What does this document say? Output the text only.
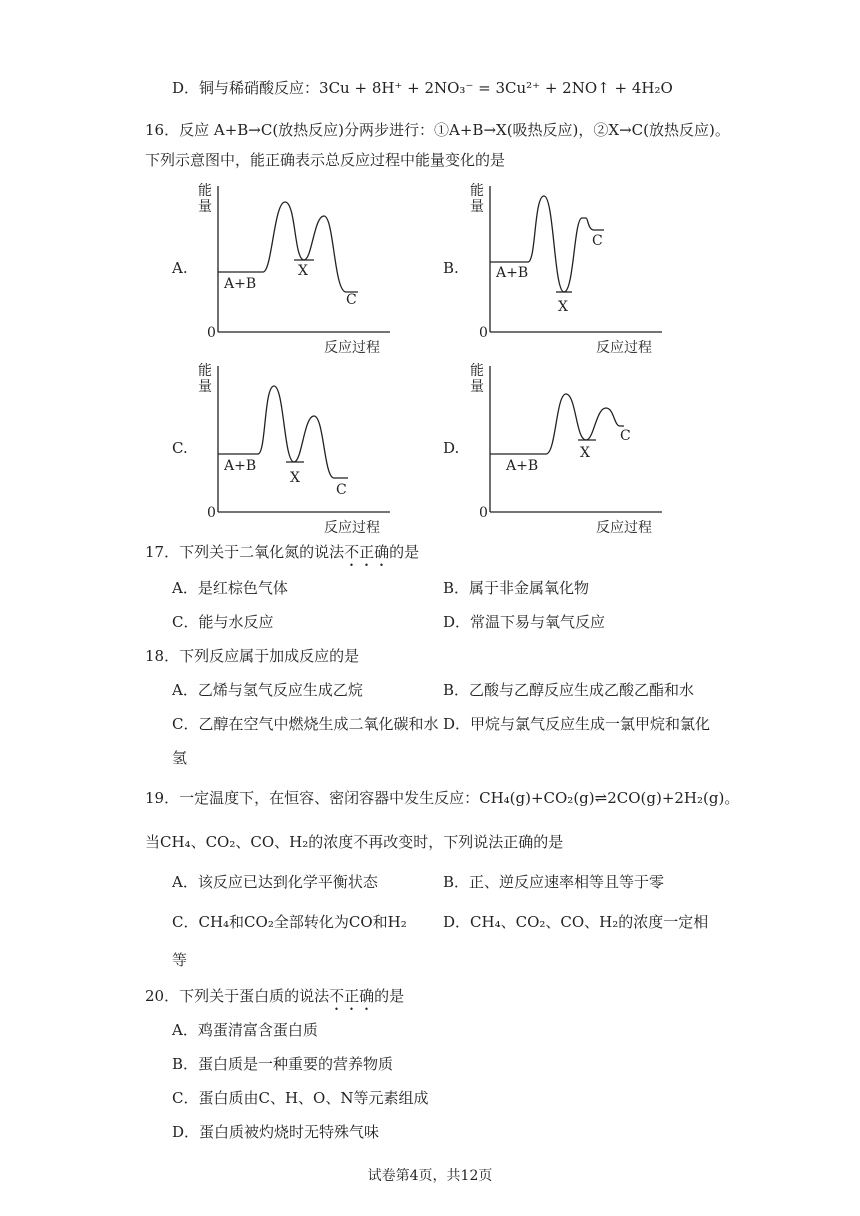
D．铜与稀硝酸反应：3Cu + 8H⁺ + 2NO₃⁻ = 3Cu²⁺ + 2NO↑ + 4H₂O
16．反应 A+B→C(放热反应)分两步进行：①A+B→X(吸热反应)，②X→C(放热反应)。
下列示意图中，能正确表示总反应过程中能量变化的是
A.
能
量
0
反应过程
A+B
X
C
B.
能
量
0
反应过程
A+B
X
C
C.
能
量
0
反应过程
A+B
X
C
D.
能
量
0
反应过程
A+B
X
C
17．下列关于二氧化氮的说法不正确的是
A．是红棕色气体	B．属于非金属氧化物
C．能与水反应	D．常温下易与氧气反应
18．下列反应属于加成反应的是
A．乙烯与氢气反应生成乙烷	B．乙酸与乙醇反应生成乙酸乙酯和水
C．乙醇在空气中燃烧生成二氧化碳和水 D．甲烷与氯气反应生成一氯甲烷和氯化
氢
19．一定温度下，在恒容、密闭容器中发生反应：CH₄(g)+CO₂(g)⇌2CO(g)+2H₂(g)。
当CH₄、CO₂、CO、H₂的浓度不再改变时，下列说法正确的是
A．该反应已达到化学平衡状态	B．正、逆反应速率相等且等于零
C．CH₄和CO₂全部转化为CO和H₂ D．CH₄、CO₂、CO、H₂的浓度一定相
等
20．下列关于蛋白质的说法不正确的是
A．鸡蛋清富含蛋白质
B．蛋白质是一种重要的营养物质
C．蛋白质由C、H、O、N等元素组成
D．蛋白质被灼烧时无特殊气味
试卷第4页，共12页
